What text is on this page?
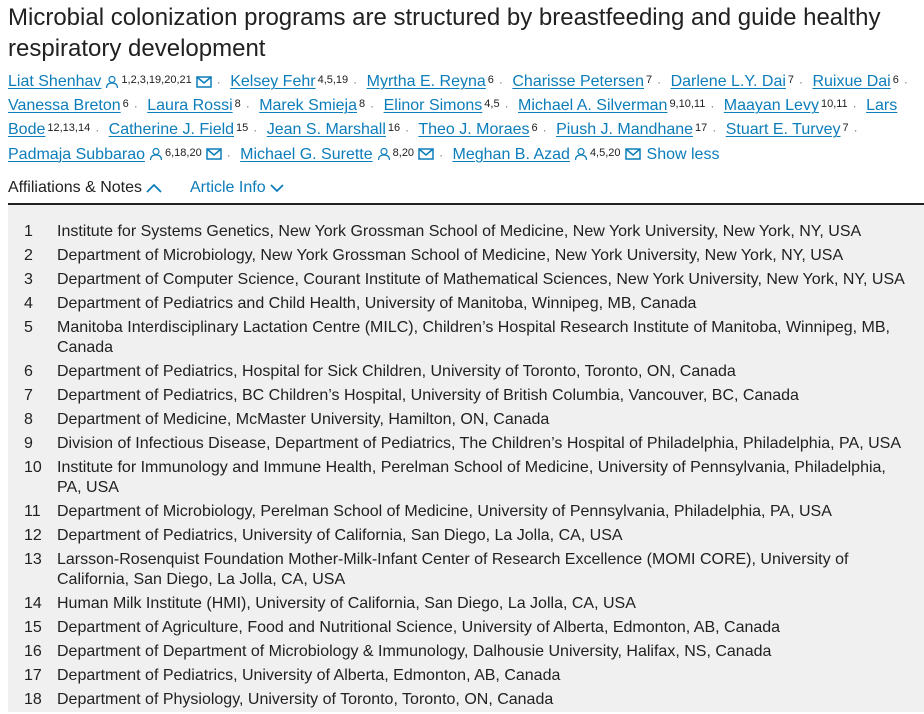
Microbial colonization programs are structured by breastfeeding and guide healthy respiratory development
Liat Shenhav $^{1,2,3,19,20,21}$ · Kelsey Fehr $^{4,5,19}$ · Myrtha E. Reyna $^6$ · Charisse Petersen $^7$ · Darlene L.Y. Dai $^7$ · Ruixue Dai $^6$ · Vanessa Breton $^6$ · Laura Rossi $^8$ · Marek Smieja $^8$ · Elinor Simons $^{4,5}$ · Michael A. Silverman $^{9,10,11}$ · Maayan Levy $^{10,11}$ · Lars Bode $^{12,13,14}$ · Catherine J. Field $^{15}$ · Jean S. Marshall $^{16}$ · Theo J. Moraes $^6$ · Piush J. Mandhane $^{17}$ · Stuart E. Turvey $^7$ · Padmaja Subbarao $^{6,18,20}$ · Michael G. Surette $^{8,20}$ · Meghan B. Azad $^{4,5,20}$ Show less
Affiliations & Notes	Article Info
1	Institute for Systems Genetics, New York Grossman School of Medicine, New York University, New York, NY, USA
2	Department of Microbiology, New York Grossman School of Medicine, New York University, New York, NY, USA
3	Department of Computer Science, Courant Institute of Mathematical Sciences, New York University, New York, NY, USA
4	Department of Pediatrics and Child Health, University of Manitoba, Winnipeg, MB, Canada
5	Manitoba Interdisciplinary Lactation Centre (MILC), Children’s Hospital Research Institute of Manitoba, Winnipeg, MB, Canada
6	Department of Pediatrics, Hospital for Sick Children, University of Toronto, Toronto, ON, Canada
7	Department of Pediatrics, BC Children’s Hospital, University of British Columbia, Vancouver, BC, Canada
8	Department of Medicine, McMaster University, Hamilton, ON, Canada
9	Division of Infectious Disease, Department of Pediatrics, The Children’s Hospital of Philadelphia, Philadelphia, PA, USA
10 Institute for Immunology and Immune Health, Perelman School of Medicine, University of Pennsylvania, Philadelphia, PA, USA
11	Department of Microbiology, Perelman School of Medicine, University of Pennsylvania, Philadelphia, PA, USA
12 Department of Pediatrics, University of California, San Diego, La Jolla, CA, USA
13 Larsson-Rosenquist Foundation Mother-Milk-Infant Center of Research Excellence (MOMI CORE), University of California, San Diego, La Jolla, CA, USA
14 Human Milk Institute (HMI), University of California, San Diego, La Jolla, CA, USA
15 Department of Agriculture, Food and Nutritional Science, University of Alberta, Edmonton, AB, Canada
16 Department of Department of Microbiology & Immunology, Dalhousie University, Halifax, NS, Canada
17 Department of Pediatrics, University of Alberta, Edmonton, AB, Canada
18 Department of Physiology, University of Toronto, Toronto, ON, Canada
